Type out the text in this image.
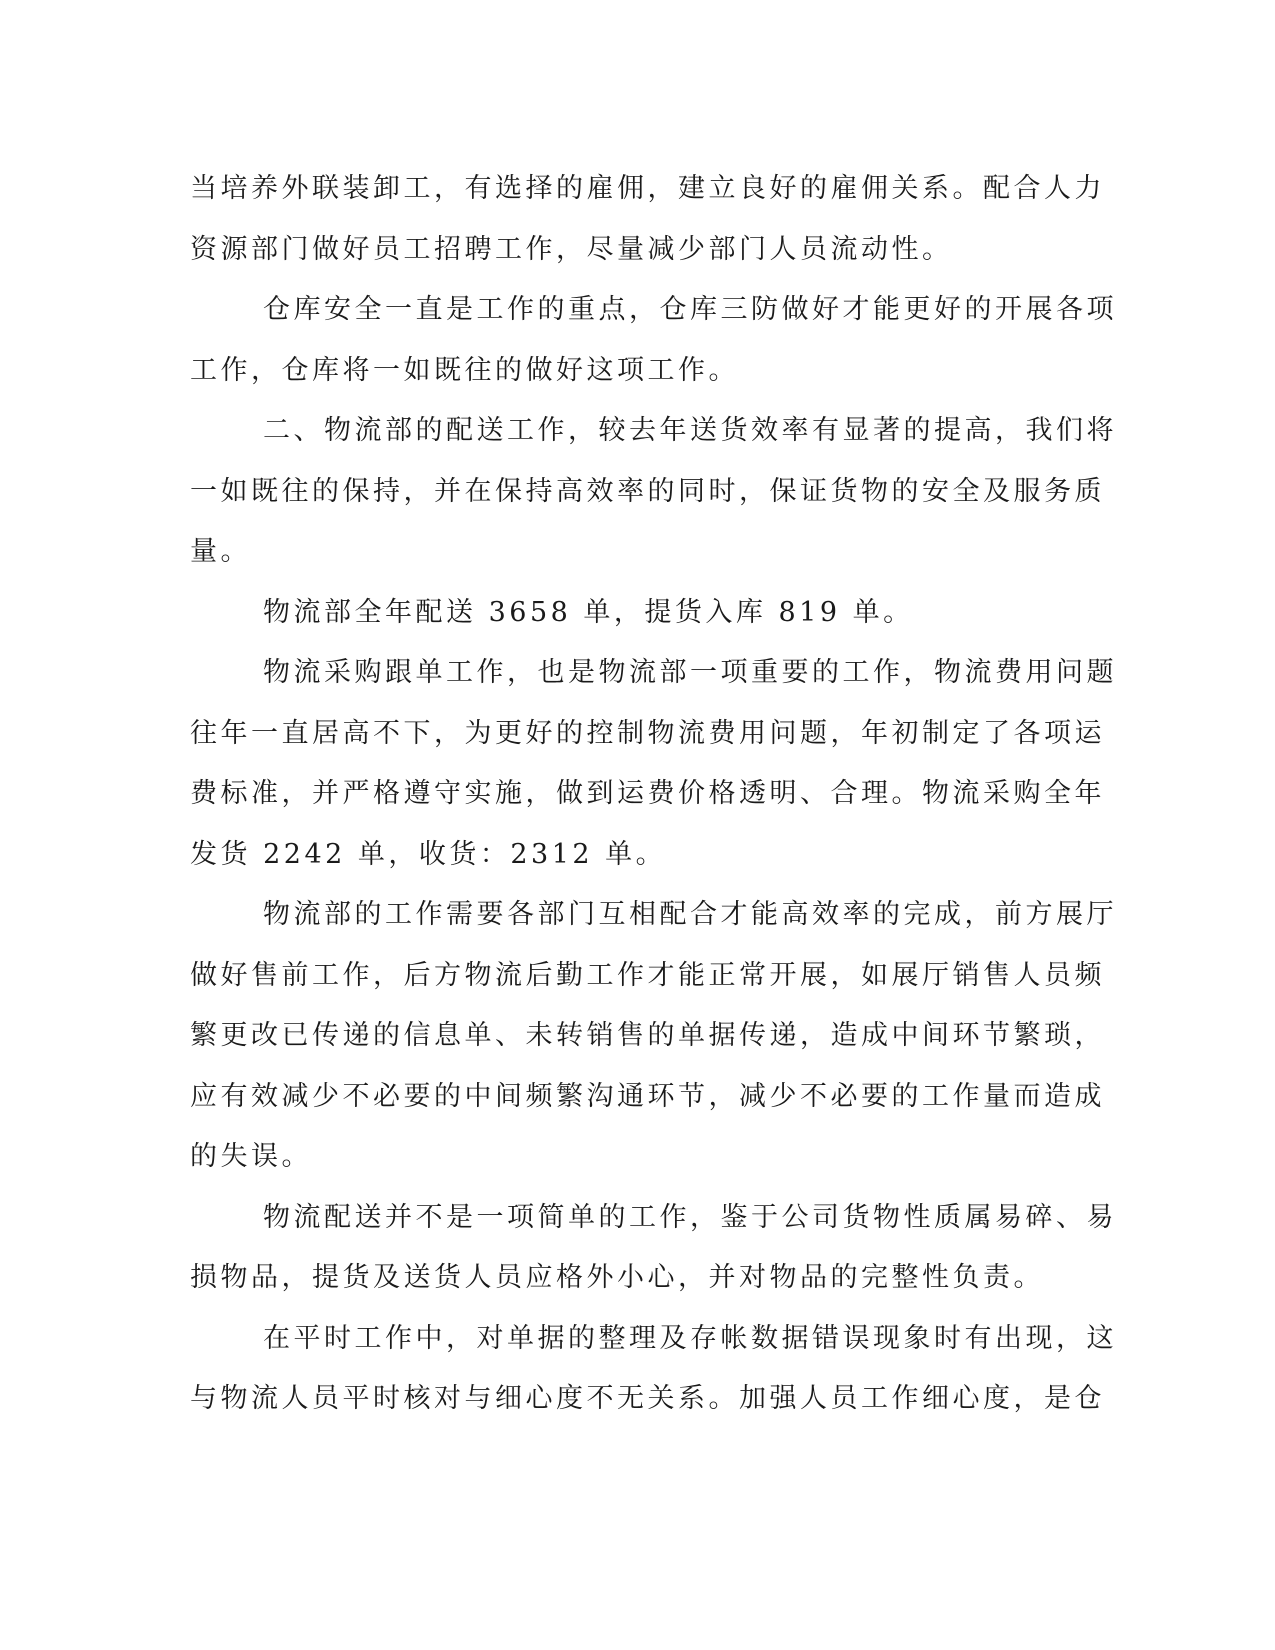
当培养外联装卸工，有选择的雇佣，建立良好的雇佣关系。配合人力
资源部门做好员工招聘工作，尽量减少部门人员流动性。
仓库安全一直是工作的重点，仓库三防做好才能更好的开展各项
工作，仓库将一如既往的做好这项工作。
二、物流部的配送工作，较去年送货效率有显著的提高，我们将
一如既往的保持，并在保持高效率的同时，保证货物的安全及服务质
量。
物流部全年配送 3658 单，提货入库 819 单。
物流采购跟单工作，也是物流部一项重要的工作，物流费用问题
往年一直居高不下，为更好的控制物流费用问题，年初制定了各项运
费标准，并严格遵守实施，做到运费价格透明、合理。物流采购全年
发货 2242 单，收货：2312 单。
物流部的工作需要各部门互相配合才能高效率的完成，前方展厅
做好售前工作，后方物流后勤工作才能正常开展，如展厅销售人员频
繁更改已传递的信息单、未转销售的单据传递，造成中间环节繁琐，
应有效减少不必要的中间频繁沟通环节，减少不必要的工作量而造成
的失误。
物流配送并不是一项简单的工作，鉴于公司货物性质属易碎、易
损物品，提货及送货人员应格外小心，并对物品的完整性负责。
在平时工作中，对单据的整理及存帐数据错误现象时有出现，这
与物流人员平时核对与细心度不无关系。加强人员工作细心度，是仓
